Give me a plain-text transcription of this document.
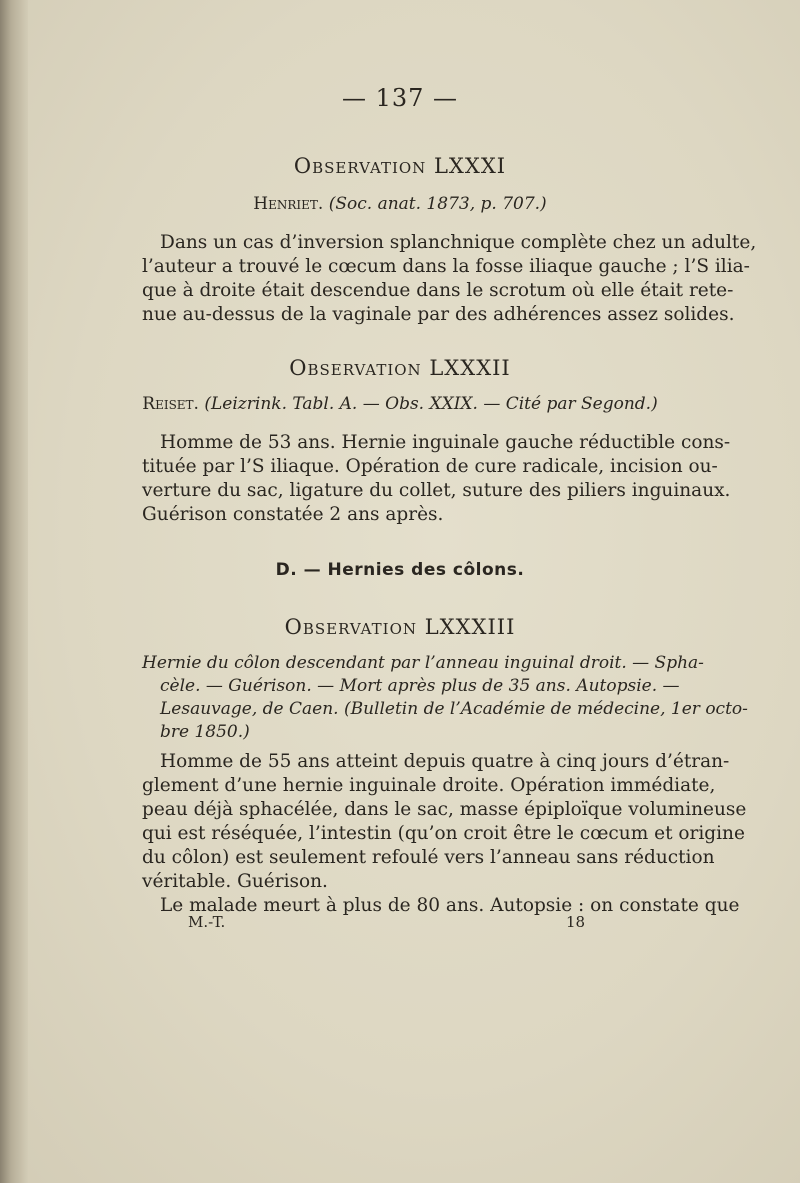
— 137 —
Observation LXXXI
Henriet. (Soc. anat. 1873, p. 707.)
Dans un cas d’inversion splanchnique complète chez un adulte,
l’auteur a trouvé le cœcum dans la fosse iliaque gauche ; l’S ilia-
que à droite était descendue dans le scrotum où elle était rete-
nue au-dessus de la vaginale par des adhérences assez solides.
Observation LXXXII
Reiset. (Leizrink. Tabl. A. — Obs. XXIX. — Cité par Segond.)
Homme de 53 ans. Hernie inguinale gauche réductible cons-
tituée par l’S iliaque. Opération de cure radicale, incision ou-
verture du sac, ligature du collet, suture des piliers inguinaux.
Guérison constatée 2 ans après.
D. — Hernies des côlons.
Observation LXXXIII
Hernie du côlon descendant par l’anneau inguinal droit. — Spha-
cèle. — Guérison. — Mort après plus de 35 ans. Autopsie. —
Lesauvage, de Caen. (Bulletin de l’Académie de médecine, 1er octo-
bre 1850.)
Homme de 55 ans atteint depuis quatre à cinq jours d’étran-
glement d’une hernie inguinale droite. Opération immédiate,
peau déjà sphacélée, dans le sac, masse épiploïque volumineuse
qui est réséquée, l’intestin (qu’on croit être le cœcum et origine
du côlon) est seulement refoulé vers l’anneau sans réduction
véritable. Guérison.
Le malade meurt à plus de 80 ans. Autopsie : on constate que
M.-T.	18
